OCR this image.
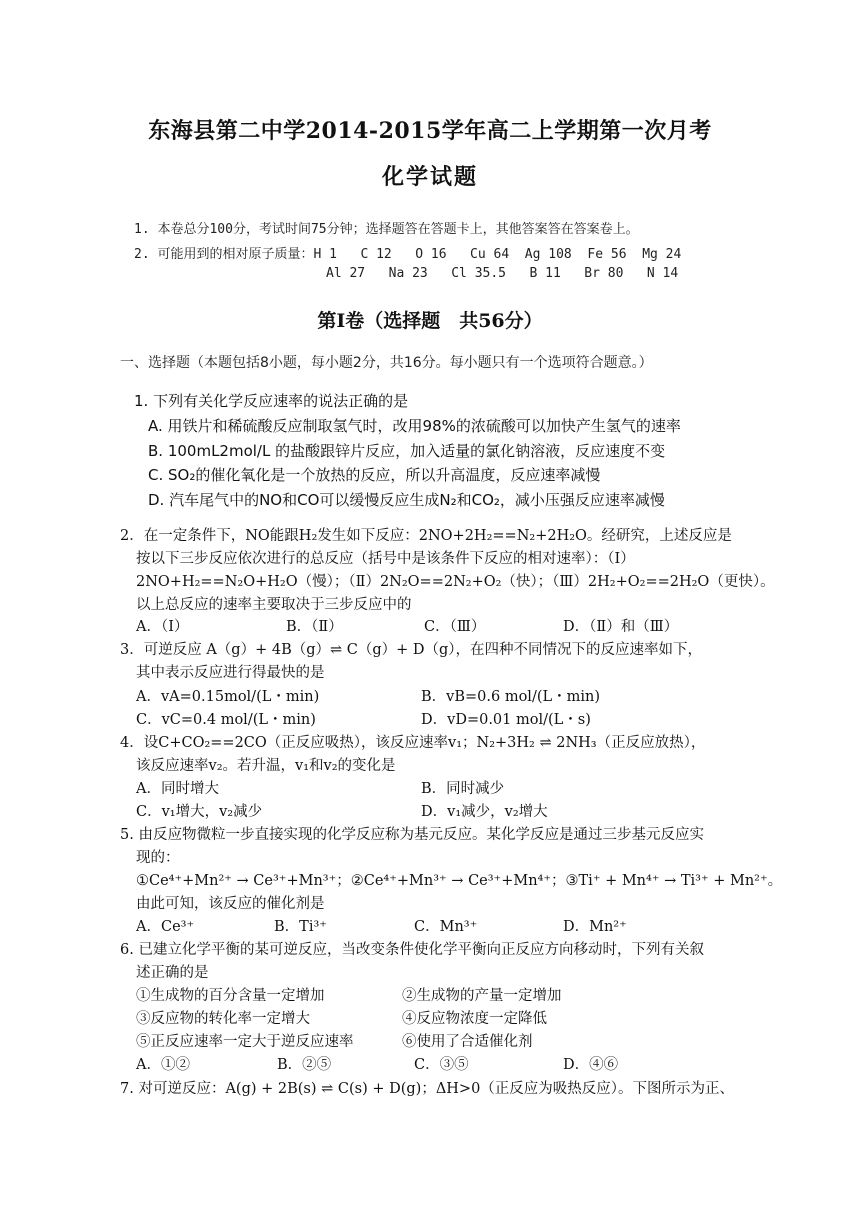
东海县第二中学2014-2015学年高二上学期第一次月考
化学试题
1. 本卷总分100分，考试时间75分钟；选择题答在答题卡上，其他答案答在答案卷上。
2. 可能用到的相对原子质量：H 1   C 12   O 16   Cu 64  Ag 108  Fe 56  Mg 24
Al 27   Na 23   Cl 35.5   B 11   Br 80   N 14
第Ⅰ卷（选择题　共56分）
一、选择题（本题包括8小题，每小题2分，共16分。每小题只有一个选项符合题意。）
1. 下列有关化学反应速率的说法正确的是
A. 用铁片和稀硫酸反应制取氢气时，改用98%的浓硫酸可以加快产生氢气的速率
B. 100mL2mol/L 的盐酸跟锌片反应，加入适量的氯化钠溶液，反应速度不变
C. SO₂的催化氧化是一个放热的反应，所以升高温度，反应速率减慢
D. 汽车尾气中的NO和CO可以缓慢反应生成N₂和CO₂，减小压强反应速率减慢
2．在一定条件下，NO能跟H₂发生如下反应：2NO+2H₂==N₂+2H₂O。经研究，上述反应是
按以下三步反应依次进行的总反应（括号中是该条件下反应的相对速率）：（Ⅰ）
2NO+H₂==N₂O+H₂O（慢）；（Ⅱ）2N₂O==2N₂+O₂（快）；（Ⅲ）2H₂+O₂==2H₂O（更快）。
以上总反应的速率主要取决于三步反应中的
A．（Ⅰ）	B．（Ⅱ）	C．（Ⅲ）	D．（Ⅱ）和（Ⅲ）
3．可逆反应 A（g）+ 4B（g）⇌ C（g）+ D（g），在四种不同情况下的反应速率如下，
其中表示反应进行得最快的是
A．vA=0.15mol/(L・min)	B．vB=0.6 mol/(L・min)
C．vC=0.4 mol/(L・min)	D．vD=0.01 mol/(L・s)
4．设C+CO₂==2CO（正反应吸热），该反应速率v₁；N₂+3H₂ ⇌ 2NH₃（正反应放热），
该反应速率v₂。若升温，v₁和v₂的变化是
A．同时增大	B．同时减少
C．v₁增大，v₂减少	D．v₁减少，v₂增大
5. 由反应物微粒一步直接实现的化学反应称为基元反应。某化学反应是通过三步基元反应实
现的：
①Ce⁴⁺+Mn²⁺ → Ce³⁺+Mn³⁺；②Ce⁴⁺+Mn³⁺ → Ce³⁺+Mn⁴⁺；③Ti⁺ + Mn⁴⁺ → Ti³⁺ + Mn²⁺。
由此可知，该反应的催化剂是
A．Ce³⁺	B．Ti³⁺	C．Mn³⁺	D．Mn²⁺
6. 已建立化学平衡的某可逆反应，当改变条件使化学平衡向正反应方向移动时，下列有关叙
述正确的是
①生成物的百分含量一定增加	②生成物的产量一定增加
③反应物的转化率一定增大	④反应物浓度一定降低
⑤正反应速率一定大于逆反应速率	⑥使用了合适催化剂
A．①②	B．②⑤	C．③⑤	D．④⑥
7. 对可逆反应：A(g) + 2B(s) ⇌ C(s) + D(g)；ΔH>0（正反应为吸热反应）。下图所示为正、
